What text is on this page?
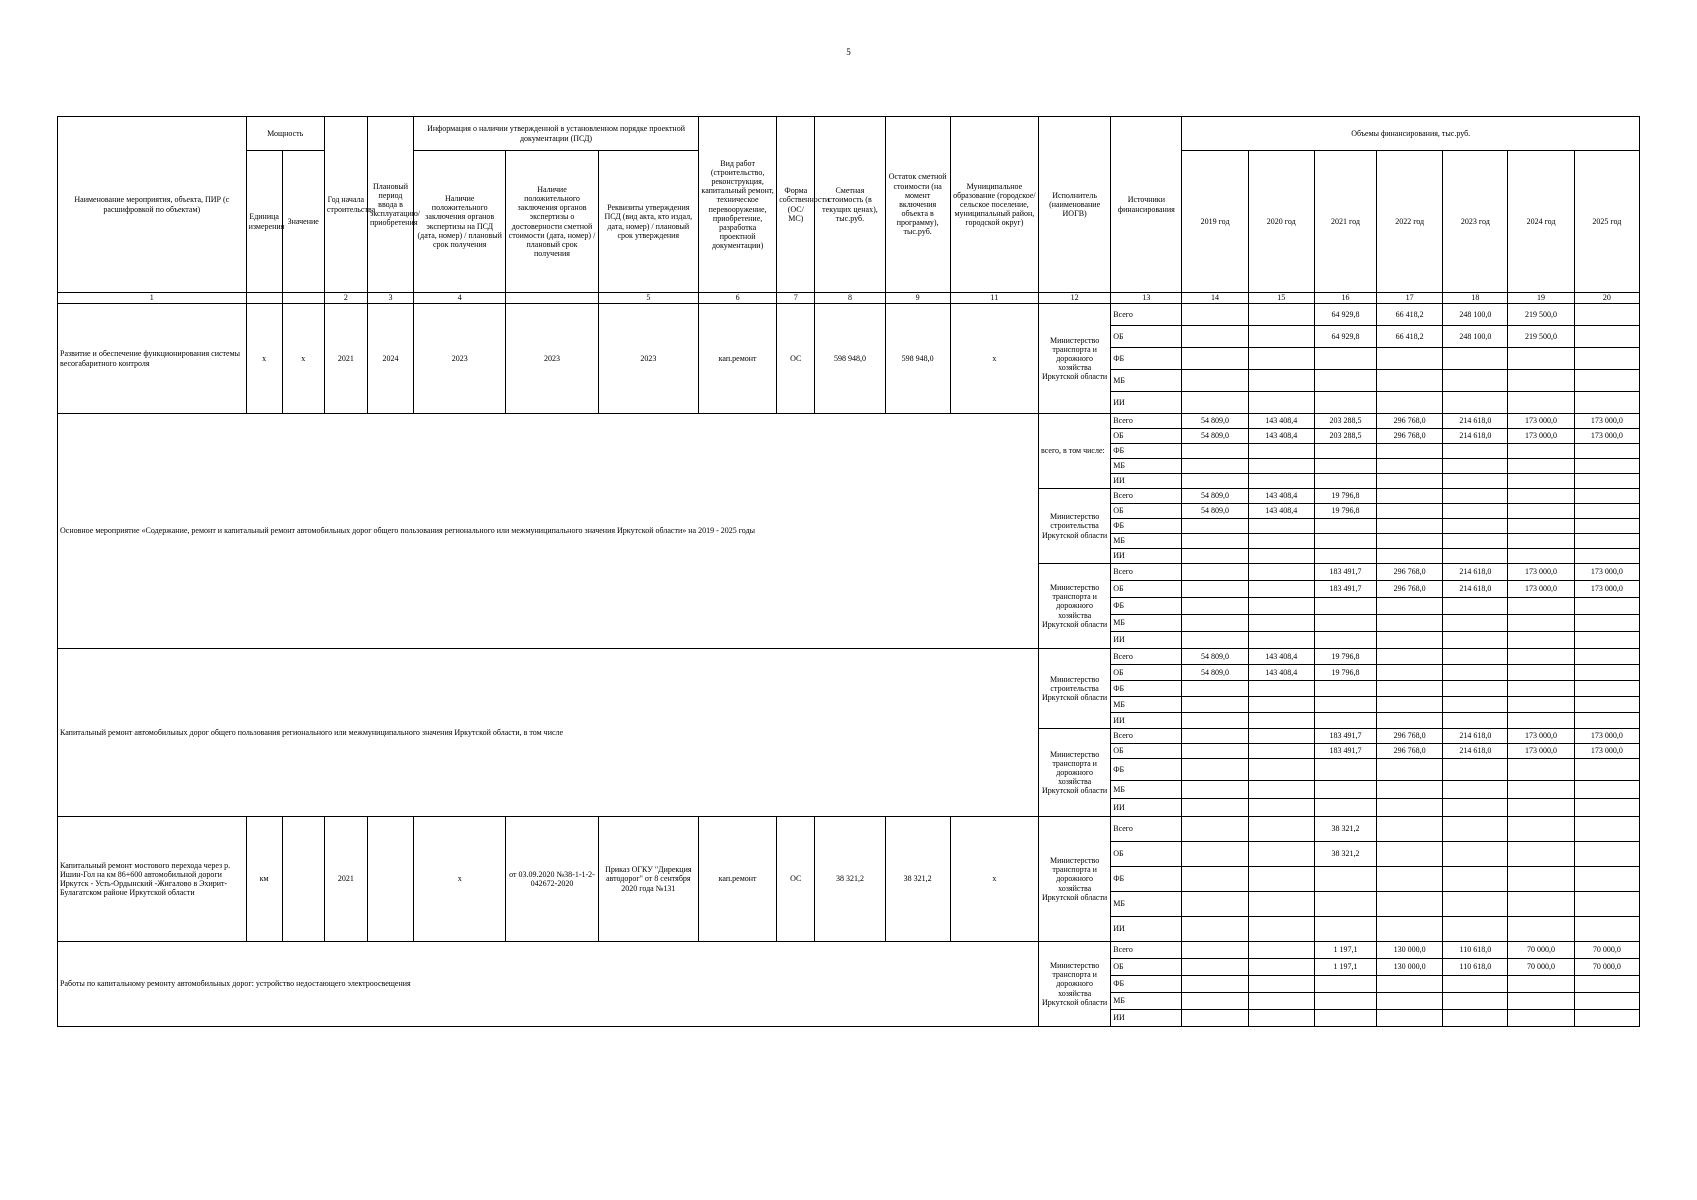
5
Наименование мероприятия, объекта, ПИР (с расшифровкой по объектам)	Мощность		Год начала строительства	Плановый период ввода в эксплуатацию/приобретения	Информация о наличии утвержденной в установленном порядке проектной документации (ПСД)			Вид работ (строительство, реконструкция, капитальный ремонт, техническое перевооружение, приобретение, разработка проектной документации)	Форма собственности (ОС/ МС)	Сметная стоимость (в текущих ценах), тыс.руб.	Остаток сметной стоимости (на момент включения объекта в программу), тыс.руб.	Муниципальное образование (городское/сельское поселение, муниципальный район, городской округ)	Исполнитель (наименование ИОГВ)	Источники финансирования	Объемы финансирования, тыс.руб.						
	Единица измерения	Значение			Наличие положительного заключения органов экспертизы на ПСД (дата, номер) / плановый срок получения	Наличие положительного заключения органов экспертизы о достоверности сметной стоимости (дата, номер) / плановый срок получения	Реквизиты утверждения ПСД (вид акта, кто издал, дата, номер) / плановый срок утверждения								2019 год	2020 год	2021 год	2022 год	2023 год	2024 год	2025 год
1			2	3	4		5	6	7	8	9	11	12	13	14	15	16	17	18	19	20
Развитие и обеспечение функционирования системы весогабаритного контроля	х	х	2021	2024	2023	2023	2023	кап.ремонт	ОС	598 948,0	598 948,0	х	Министерство транспорта и дорожного хозяйства Иркутской области	Всего			64 929,8	66 418,2	248 100,0	219 500,0	
														ОБ			64 929,8	66 418,2	248 100,0	219 500,0	
														ФБ							
														МБ							
														ИИ							
Основное мероприятие «Содержание, ремонт и капитальный ремонт автомобильных дорог общего пользования регионального или межмуниципального значения Иркутской области» на 2019 - 2025 годы													всего, в том числе:	Всего	54 809,0	143 408,4	203 288,5	296 768,0	214 618,0	173 000,0	173 000,0
														ОБ	54 809,0	143 408,4	203 288,5	296 768,0	214 618,0	173 000,0	173 000,0
														ФБ							
														МБ							
														ИИ							
													Министерство строительства Иркутской области	Всего	54 809,0	143 408,4	19 796,8				
														ОБ	54 809,0	143 408,4	19 796,8				
														ФБ							
														МБ							
														ИИ							
													Министерство транспорта и дорожного хозяйства Иркутской области	Всего			183 491,7	296 768,0	214 618,0	173 000,0	173 000,0
														ОБ			183 491,7	296 768,0	214 618,0	173 000,0	173 000,0
														ФБ							
														МБ							
														ИИ							
Капитальный ремонт автомобильных дорог общего пользования регионального или межмуниципального значения Иркутской области, в том числе													Министерство строительства Иркутской области	Всего	54 809,0	143 408,4	19 796,8				
														ОБ	54 809,0	143 408,4	19 796,8				
														ФБ							
														МБ							
														ИИ							
													Министерство транспорта и дорожного хозяйства Иркутской области	Всего			183 491,7	296 768,0	214 618,0	173 000,0	173 000,0
														ОБ			183 491,7	296 768,0	214 618,0	173 000,0	173 000,0
														ФБ							
														МБ							
														ИИ							
Капитальный ремонт мостового перехода через р. Ишин-Гол на км 86+600 автомобильной дороги Иркутск - Усть-Ордынский -Жигалово в Эхирит-Булагатском районе Иркутской области	км		2021		х	от 03.09.2020 №38-1-1-2-042672-2020	Приказ ОГКУ "Дирекция автодорог" от 8 сентября 2020 года №131	кап.ремонт	ОС	38 321,2	38 321,2	х	Министерство транспорта и дорожного хозяйства Иркутской области	Всего			38 321,2				
														ОБ			38 321,2				
														ФБ							
														МБ							
														ИИ							
Работы по капитальному ремонту автомобильных дорог: устройство недостающего электроосвещения													Министерство транспорта и дорожного хозяйства Иркутской области	Всего			1 197,1	130 000,0	110 618,0	70 000,0	70 000,0
														ОБ			1 197,1	130 000,0	110 618,0	70 000,0	70 000,0
														ФБ							
														МБ							
														ИИ							
